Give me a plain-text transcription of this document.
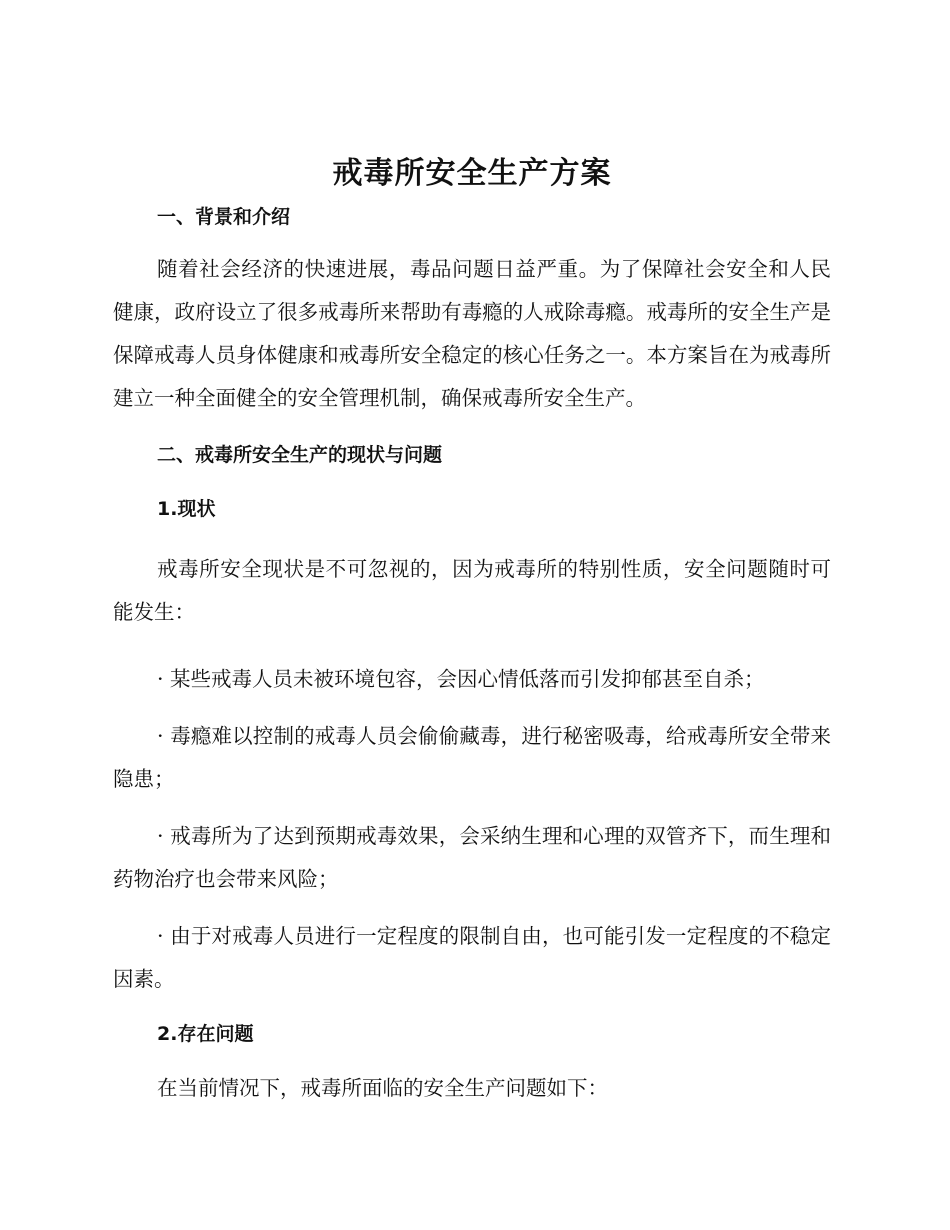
戒毒所安全生产方案
一、背景和介绍

随着社会经济的快速进展，毒品问题日益严重。为了保障社会安全和人民健康，政府设立了很多戒毒所来帮助有毒瘾的人戒除毒瘾。戒毒所的安全生产是保障戒毒人员身体健康和戒毒所安全稳定的核心任务之一。本方案旨在为戒毒所建立一种全面健全的安全管理机制，确保戒毒所安全生产。

二、戒毒所安全生产的现状与问题
1.现状

戒毒所安全现状是不可忽视的，因为戒毒所的特别性质，安全问题随时可能发生：

· 某些戒毒人员未被环境包容，会因心情低落而引发抑郁甚至自杀；

· 毒瘾难以控制的戒毒人员会偷偷藏毒，进行秘密吸毒，给戒毒所安全带来隐患；

· 戒毒所为了达到预期戒毒效果，会采纳生理和心理的双管齐下，而生理和药物治疗也会带来风险；

· 由于对戒毒人员进行一定程度的限制自由，也可能引发一定程度的不稳定因素。

2.存在问题

在当前情况下，戒毒所面临的安全生产问题如下：
